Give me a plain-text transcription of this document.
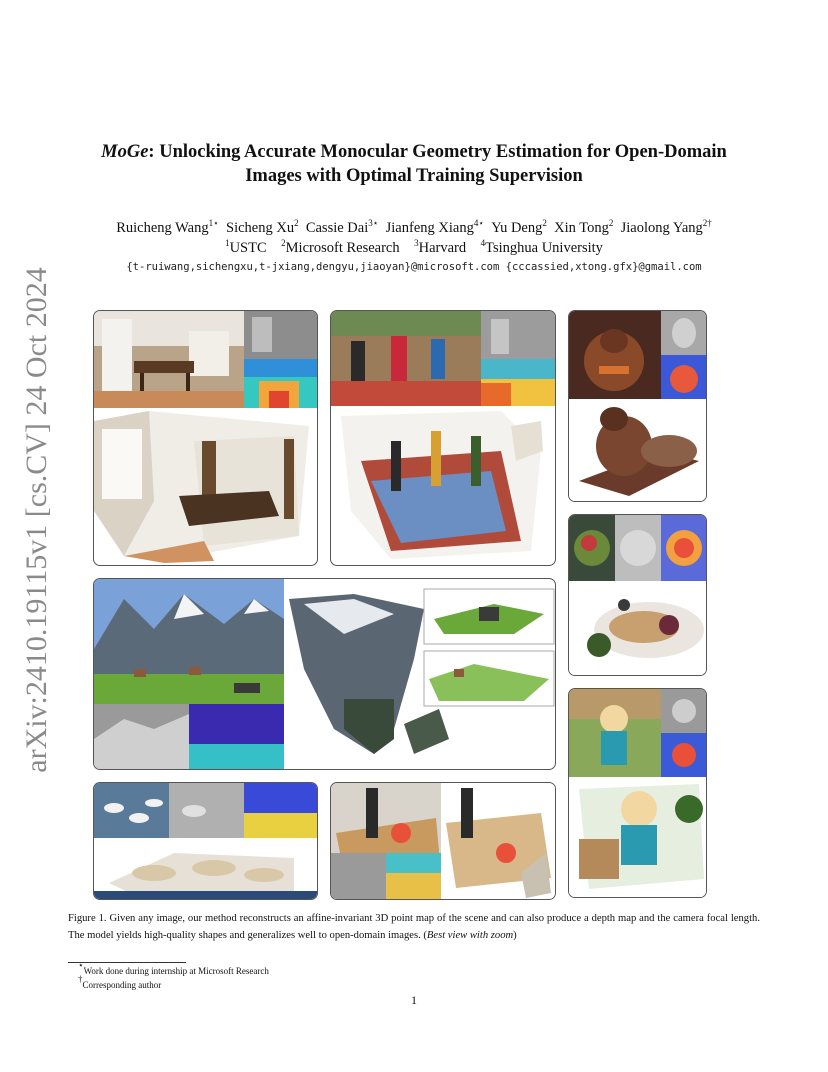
arXiv:2410.19115v1 [cs.CV] 24 Oct 2024
MoGe: Unlocking Accurate Monocular Geometry Estimation for Open-Domain
Images with Optimal Training Supervision
Ruicheng Wang$^{1⋆}$  Sicheng Xu$^2$  Cassie Dai$^{3⋆}$  Jianfeng Xiang$^{4⋆}$  Yu Deng$^2$  Xin Tong$^2$  Jiaolong Yang$^{2\dagger}$
$^1$USTC  $^2$Microsoft Research  $^3$Harvard  $^4$Tsinghua University
{t-ruiwang,sichengxu,t-jxiang,dengyu,jiaoyan}@microsoft.com {cccassied,xtong.gfx}@gmail.com
Figure 1. Given any image, our method reconstructs an affine-invariant 3D point map of the scene and can also produce a depth map and the camera focal length. The model yields high-quality shapes and generalizes well to open-domain images. (Best view with zoom)
⋆Work done during internship at Microsoft Research
†Corresponding author
1
